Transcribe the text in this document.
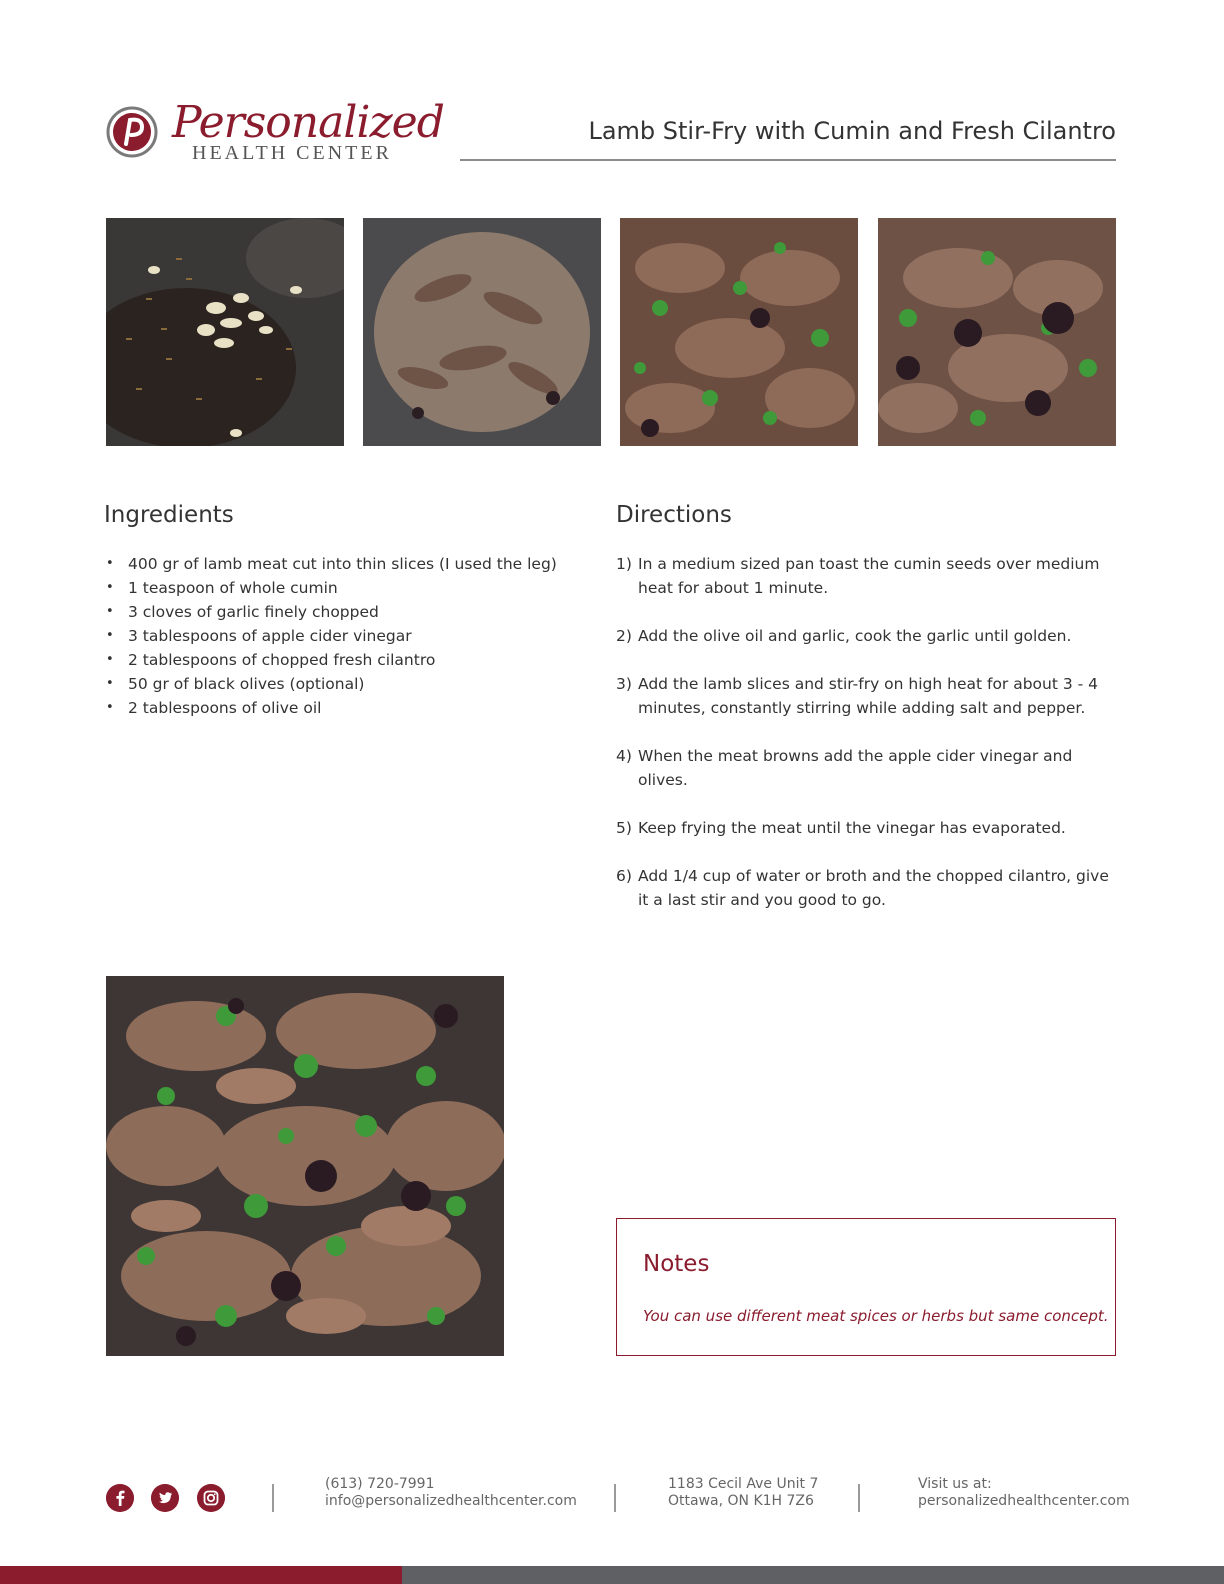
Personalized
HEALTH CENTER
Lamb Stir-Fry with Cumin and Fresh Cilantro
Ingredients
• 400 gr of lamb meat cut into thin slices (I used the leg)
• 1 teaspoon of whole cumin
• 3 cloves of garlic finely chopped
• 3 tablespoons of apple cider vinegar
• 2 tablespoons of chopped fresh cilantro
• 50 gr of black olives (optional)
• 2 tablespoons of olive oil
Directions
1) In a medium sized pan toast the cumin seeds over medium heat for about 1 minute.
2) Add the olive oil and garlic, cook the garlic until golden.
3) Add the lamb slices and stir-fry on high heat for about 3 - 4 minutes, constantly stirring while adding salt and pepper.
4) When the meat browns add the apple cider vinegar and olives.
5) Keep frying the meat until the vinegar has evaporated.
6) Add 1/4 cup of water or broth and the chopped cilantro, give it a last stir and you good to go.
Notes
You can use different meat spices or herbs but same concept.
(613) 720-7991
info@personalizedhealthcenter.com
1183 Cecil Ave Unit 7
Ottawa, ON K1H 7Z6
Visit us at:
personalizedhealthcenter.com
